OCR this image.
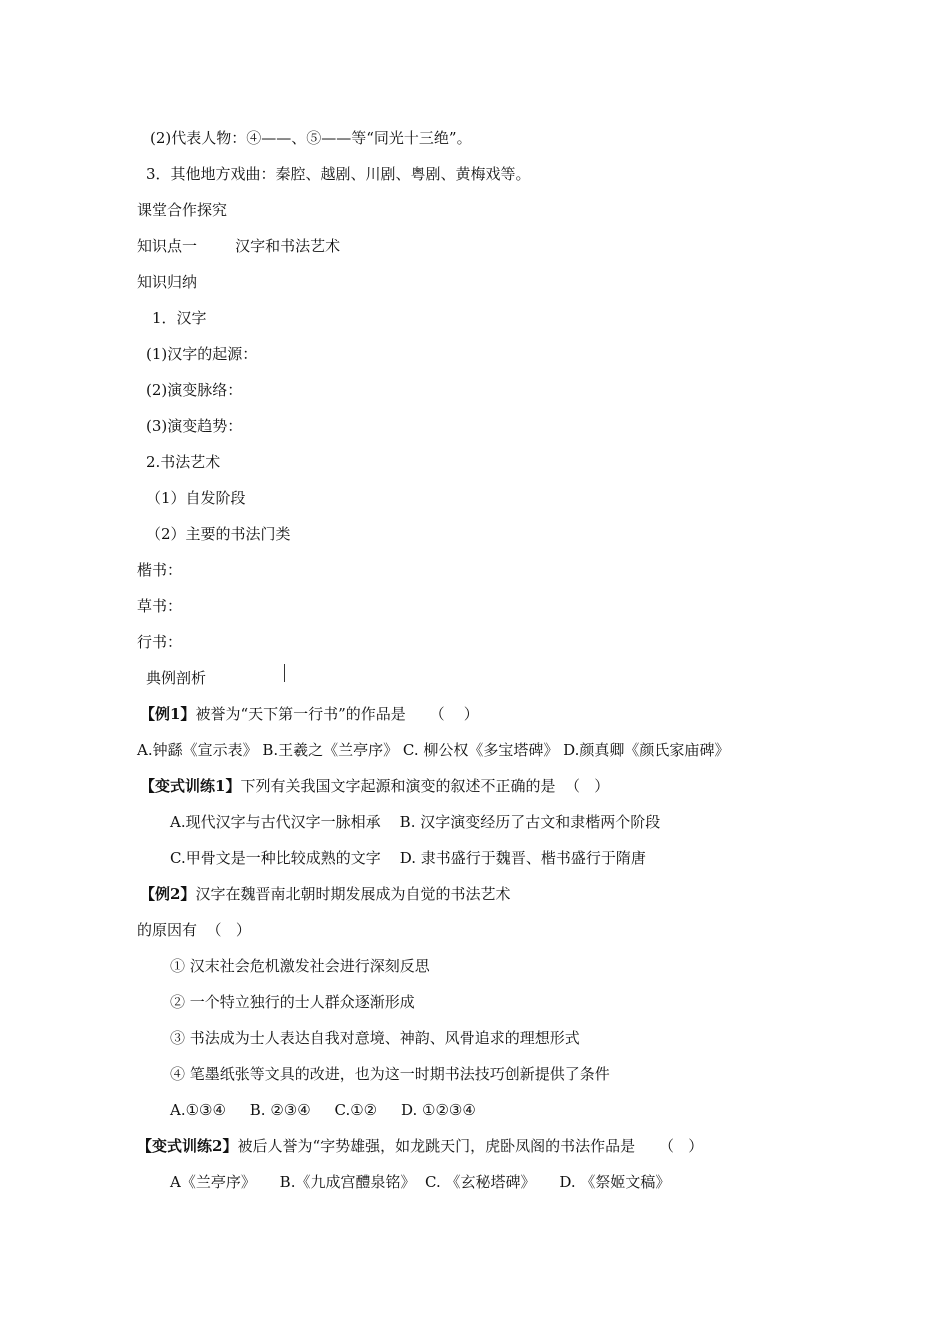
(2)代表人物：④——、⑤——等“同光十三绝”。
3．其他地方戏曲：秦腔、越剧、川剧、粤剧、黄梅戏等。
课堂合作探究
知识点一        汉字和书法艺术
知识归纳
1．汉字
(1)汉字的起源：
(2)演变脉络：
(3)演变趋势：
2.书法艺术
（1）自发阶段
（2）主要的书法门类
楷书：
草书：
行书：
典例剖析
【例1】被誉为“天下第一行书”的作品是     （    ）
A.钟繇《宣示表》 B.王羲之《兰亭序》 C. 柳公权《多宝塔碑》 D.颜真卿《颜氏家庙碑》
【变式训练1】下列有关我国文字起源和演变的叙述不正确的是  （   ）
A.现代汉字与古代汉字一脉相承    B. 汉字演变经历了古文和隶楷两个阶段
C.甲骨文是一种比较成熟的文字    D. 隶书盛行于魏晋、楷书盛行于隋唐
【例2】汉字在魏晋南北朝时期发展成为自觉的书法艺术
的原因有  （   ）
① 汉末社会危机激发社会进行深刻反思
② 一个特立独行的士人群众逐渐形成
③ 书法成为士人表达自我对意境、神韵、风骨追求的理想形式
④ 笔墨纸张等文具的改进，也为这一时期书法技巧创新提供了条件
A.①③④     B. ②③④     C.①②     D. ①②③④
【变式训练2】被后人誉为“字势雄强，如龙跳天门，虎卧凤阁的书法作品是     （   ）
A《兰亭序》     B.《九成宫醴泉铭》  C. 《玄秘塔碑》     D. 《祭姬文稿》
